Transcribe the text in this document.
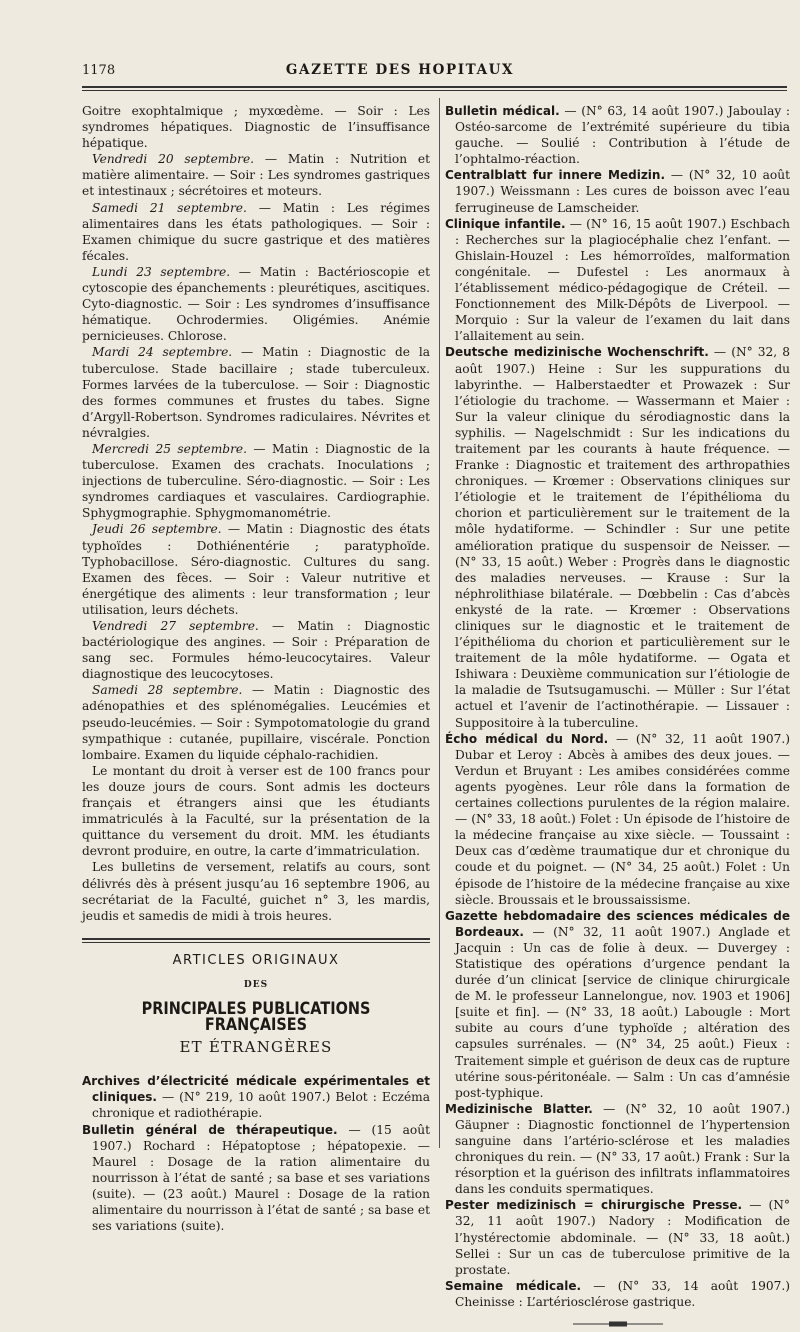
1178	GAZETTE DES HOPITAUX

Goitre exophtalmique ; myxœdème. — Soir : Les syndromes hépatiques. Diagnostic de l’insuffisance hépatique.

Vendredi 20 septembre. — Matin : Nutrition et matière alimentaire. — Soir : Les syndromes gastriques et intestinaux ; sécrétoires et moteurs.

Samedi 21 septembre. — Matin : Les régimes alimentaires dans les états pathologiques. — Soir : Examen chimique du sucre gastrique et des matières fécales.

Lundi 23 septembre. — Matin : Bactérioscopie et cytoscopie des épanchements : pleurétiques, ascitiques. Cyto-diagnostic. — Soir : Les syndromes d’insuffisance hématique. Ochrodermies. Oligémies. Anémie pernicieuses. Chlorose.

Mardi 24 septembre. — Matin : Diagnostic de la tuberculose. Stade bacillaire ; stade tuberculeux. Formes larvées de la tuberculose. — Soir : Diagnostic des formes communes et frustes du tabes. Signe d’Argyll-Robertson. Syndromes radiculaires. Névrites et névralgies.

Mercredi 25 septembre. — Matin : Diagnostic de la tuberculose. Examen des crachats. Inoculations ; injections de tuberculine. Séro-diagnostic. — Soir : Les syndromes cardiaques et vasculaires. Cardiographie. Sphygmographie. Sphygmomanométrie.

Jeudi 26 septembre. — Matin : Diagnostic des états typhoïdes : Dothiénentérie ; paratyphoïde. Typhobacillose. Séro-diagnostic. Cultures du sang. Examen des fèces. — Soir : Valeur nutritive et énergétique des aliments : leur transformation ; leur utilisation, leurs déchets.

Vendredi 27 septembre. — Matin : Diagnostic bactériologique des angines. — Soir : Préparation de sang sec. Formules hémo-leucocytaires. Valeur diagnostique des leucocytoses.

Samedi 28 septembre. — Matin : Diagnostic des adénopathies et des splénomégalies. Leucémies et pseudo-leucémies. — Soir : Sympotomatologie du grand sympathique : cutanée, pupillaire, viscérale. Ponction lombaire. Examen du liquide céphalo-rachidien.

Le montant du droit à verser est de 100 francs pour les douze jours de cours. Sont admis les docteurs français et étrangers ainsi que les étudiants immatriculés à la Faculté, sur la présentation de la quittance du versement du droit. MM. les étudiants devront produire, en outre, la carte d’immatriculation.

Les bulletins de versement, relatifs au cours, sont délivrés dès à présent jusqu’au 16 septembre 1906, au secrétariat de la Faculté, guichet n° 3, les mardis, jeudis et samedis de midi à trois heures.

ARTICLES ORIGINAUX
DES
PRINCIPALES PUBLICATIONS FRANÇAISES
ET ÉTRANGÈRES

Archives d’électricité médicale expérimentales et cliniques. — (N° 219, 10 août 1907.) Belot : Eczéma chronique et radiothérapie.

Bulletin général de thérapeutique. — (15 août 1907.) Rochard : Hépatoptose ; hépatopexie. — Maurel : Dosage de la ration alimentaire du nourrisson à l’état de santé ; sa base et ses variations (suite). — (23 août.) Maurel : Dosage de la ration alimentaire du nourrisson à l’état de santé ; sa base et ses variations (suite).

Bulletin médical. — (N° 63, 14 août 1907.) Jaboulay : Ostéo-sarcome de l’extrémité supérieure du tibia gauche. — Soulié : Contribution à l’étude de l’ophtalmo-réaction.

Centralblatt fur innere Medizin. — (N° 32, 10 août 1907.) Weissmann : Les cures de boisson avec l’eau ferrugineuse de Lamscheider.

Clinique infantile. — (N° 16, 15 août 1907.) Eschbach : Recherches sur la plagiocéphalie chez l’enfant. — Ghislain-Houzel : Les hémorroïdes, malformation congénitale. — Dufestel : Les anormaux à l’établissement médico-pédagogique de Créteil. — Fonctionnement des Milk-Dépôts de Liverpool. — Morquio : Sur la valeur de l’examen du lait dans l’allaitement au sein.

Deutsche medizinische Wochenschrift. — (N° 32, 8 août 1907.) Heine : Sur les suppurations du labyrinthe. — Halberstaedter et Prowazek : Sur l’étiologie du trachome. — Wassermann et Maier : Sur la valeur clinique du sérodiagnostic dans la syphilis. — Nagelschmidt : Sur les indications du traitement par les courants à haute fréquence. — Franke : Diagnostic et traitement des arthropathies chroniques. — Krœmer : Observations cliniques sur l’étiologie et le traitement de l’épithélioma du chorion et particulièrement sur le traitement de la môle hydatiforme. — Schindler : Sur une petite amélioration pratique du suspensoir de Neisser. — (N° 33, 15 août.) Weber : Progrès dans le diagnostic des maladies nerveuses. — Krause : Sur la néphrolithiase bilatérale. — Dœbbelin : Cas d’abcès enkysté de la rate. — Krœmer : Observations cliniques sur le diagnostic et le traitement de l’épithélioma du chorion et particulièrement sur le traitement de la môle hydatiforme. — Ogata et Ishiwara : Deuxième communication sur l’étiologie de la maladie de Tsutsugamuschi. — Müller : Sur l’état actuel et l’avenir de l’actinothérapie. — Lissauer : Suppositoire à la tuberculine.

Écho médical du Nord. — (N° 32, 11 août 1907.) Dubar et Leroy : Abcès à amibes des deux joues. — Verdun et Bruyant : Les amibes considérées comme agents pyogènes. Leur rôle dans la formation de certaines collections purulentes de la région malaire. — (N° 33, 18 août.) Folet : Un épisode de l’histoire de la médecine française au xixe siècle. — Toussaint : Deux cas d’œdème traumatique dur et chronique du coude et du poignet. — (N° 34, 25 août.) Folet : Un épisode de l’histoire de la médecine française au xixe siècle. Broussais et le broussaissisme.

Gazette hebdomadaire des sciences médicales de Bordeaux. — (N° 32, 11 août 1907.) Anglade et Jacquin : Un cas de folie à deux. — Duvergey : Statistique des opérations d’urgence pendant la durée d’un clinicat [service de clinique chirurgicale de M. le professeur Lannelongue, nov. 1903 et 1906] [suite et fin]. — (N° 33, 18 août.) Labougle : Mort subite au cours d’une typhoïde ; altération des capsules surrénales. — (N° 34, 25 août.) Fieux : Traitement simple et guérison de deux cas de rupture utérine sous-péritonéale. — Salm : Un cas d’amnésie post-typhique.

Medizinische Blatter. — (N° 32, 10 août 1907.) Gäupner : Diagnostic fonctionnel de l’hypertension sanguine dans l’artério-sclérose et les maladies chroniques du rein. — (N° 33, 17 août.) Frank : Sur la résorption et la guérison des infiltrats inflammatoires dans les conduits spermatiques.

Pester medizinisch = chirurgische Presse. — (N° 32, 11 août 1907.) Nadory : Modification de l’hystérectomie abdominale. — (N° 33, 18 août.) Sellei : Sur un cas de tuberculose primitive de la prostate.

Semaine médicale. — (N° 33, 14 août 1907.) Cheinisse : L’artériosclérose gastrique.
